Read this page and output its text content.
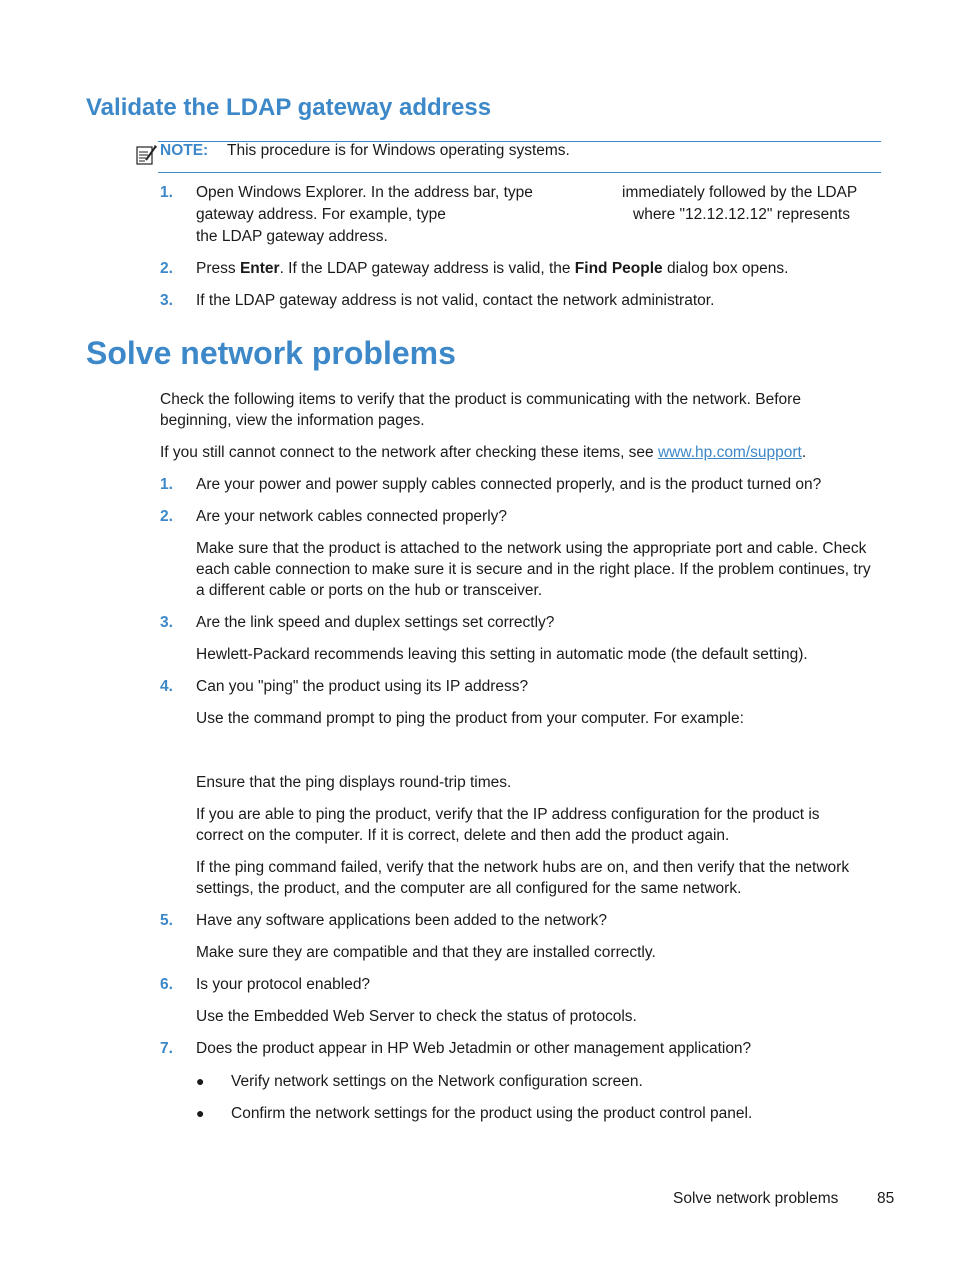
Validate the LDAP gateway address
NOTE: This procedure is for Windows operating systems.
1. Open Windows Explorer. In the address bar, type	immediately followed by the LDAP
gateway address. For example, type	where "12.12.12.12" represents
the LDAP gateway address.
2. Press Enter. If the LDAP gateway address is valid, the Find People dialog box opens.
3. If the LDAP gateway address is not valid, contact the network administrator.
Solve network problems
Check the following items to verify that the product is communicating with the network. Before
beginning, view the information pages.
If you still cannot connect to the network after checking these items, see www.hp.com/support.
1. Are your power and power supply cables connected properly, and is the product turned on?
2. Are your network cables connected properly?
Make sure that the product is attached to the network using the appropriate port and cable. Check
each cable connection to make sure it is secure and in the right place. If the problem continues, try
a different cable or ports on the hub or transceiver.
3. Are the link speed and duplex settings set correctly?
Hewlett-Packard recommends leaving this setting in automatic mode (the default setting).
4. Can you "ping" the product using its IP address?
Use the command prompt to ping the product from your computer. For example:
Ensure that the ping displays round-trip times.
If you are able to ping the product, verify that the IP address configuration for the product is
correct on the computer. If it is correct, delete and then add the product again.
If the ping command failed, verify that the network hubs are on, and then verify that the network
settings, the product, and the computer are all configured for the same network.
5. Have any software applications been added to the network?
Make sure they are compatible and that they are installed correctly.
6. Is your protocol enabled?
Use the Embedded Web Server to check the status of protocols.
7. Does the product appear in HP Web Jetadmin or other management application?
● Verify network settings on the Network configuration screen.
● Confirm the network settings for the product using the product control panel.
Solve network problems 85
